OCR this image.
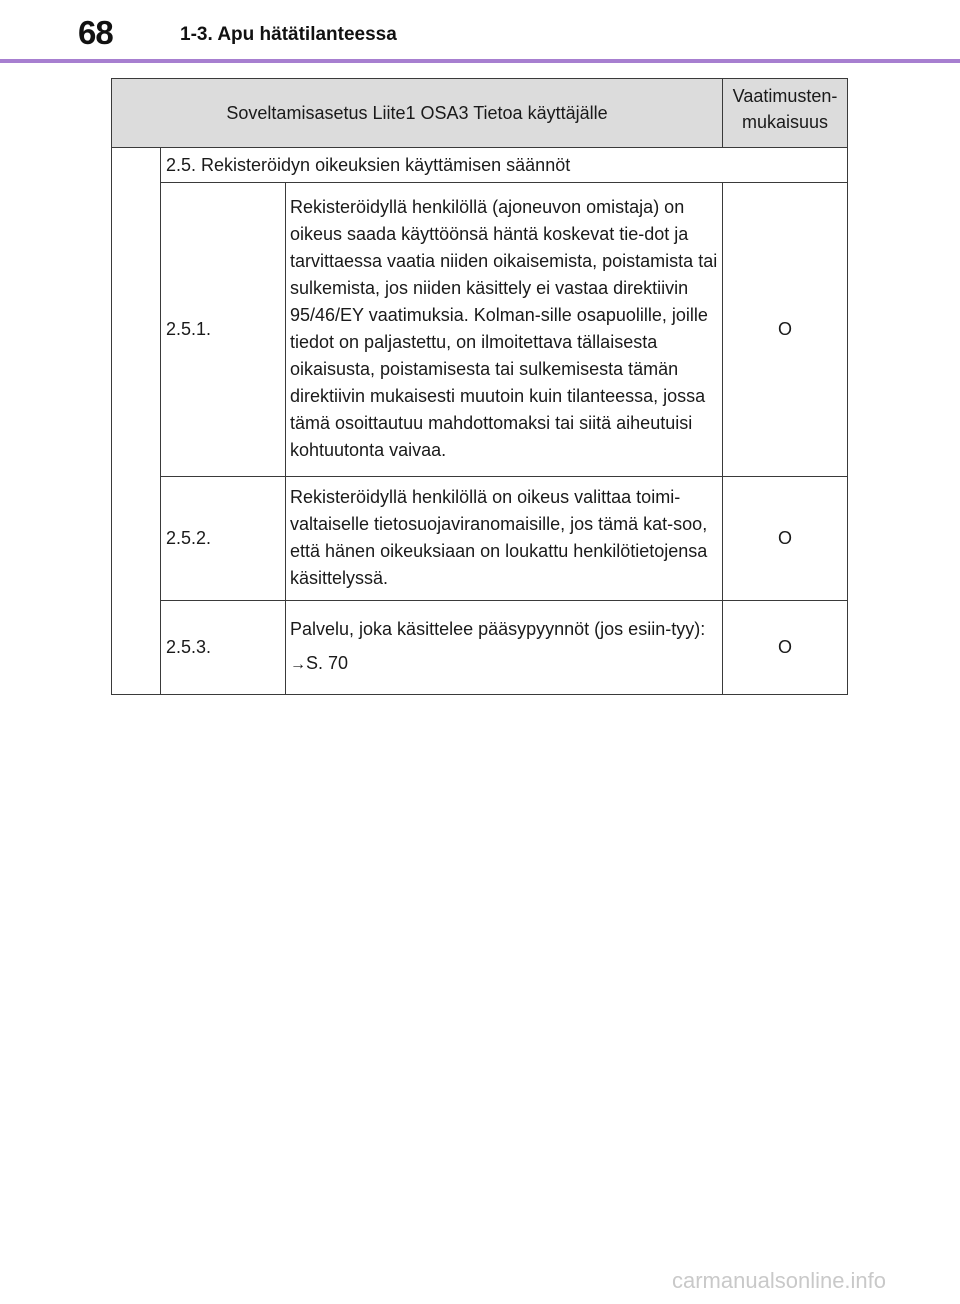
68	1-3. Apu hätätilanteessa
Soveltamisasetus Liite1 OSA3 Tietoa käyttäjälle			Vaatimusten-
mukaisuus

	2.5. Rekisteröidyn oikeuksien käyttämisen säännöt		
	2.5.1.	Rekisteröidyllä henkilöllä (ajoneuvon omistaja) on oikeus saada käyttöönsä häntä koskevat tie-dot ja tarvittaessa vaatia niiden oikaisemista, poistamista tai sulkemista, jos niiden käsittely ei vastaa direktiivin 95/46/EY vaatimuksia. Kolman-sille osapuolille, joille tiedot on paljastettu, on ilmoitettava tällaisesta oikaisusta, poistamisesta tai sulkemisesta tämän direktiivin mukaisesti muutoin kuin tilanteessa, jossa tämä osoittautuu mahdottomaksi tai siitä aiheutuisi kohtuutonta vaivaa.	O
	2.5.2.	Rekisteröidyllä henkilöllä on oikeus valittaa toimi-valtaiselle tietosuojaviranomaisille, jos tämä kat-soo, että hänen oikeuksiaan on loukattu henkilötietojensa käsittelyssä.	O
	2.5.3.	Palvelu, joka käsittelee pääsypyynnöt (jos esiin-tyy):
→S. 70	O
carmanualsonline.info
